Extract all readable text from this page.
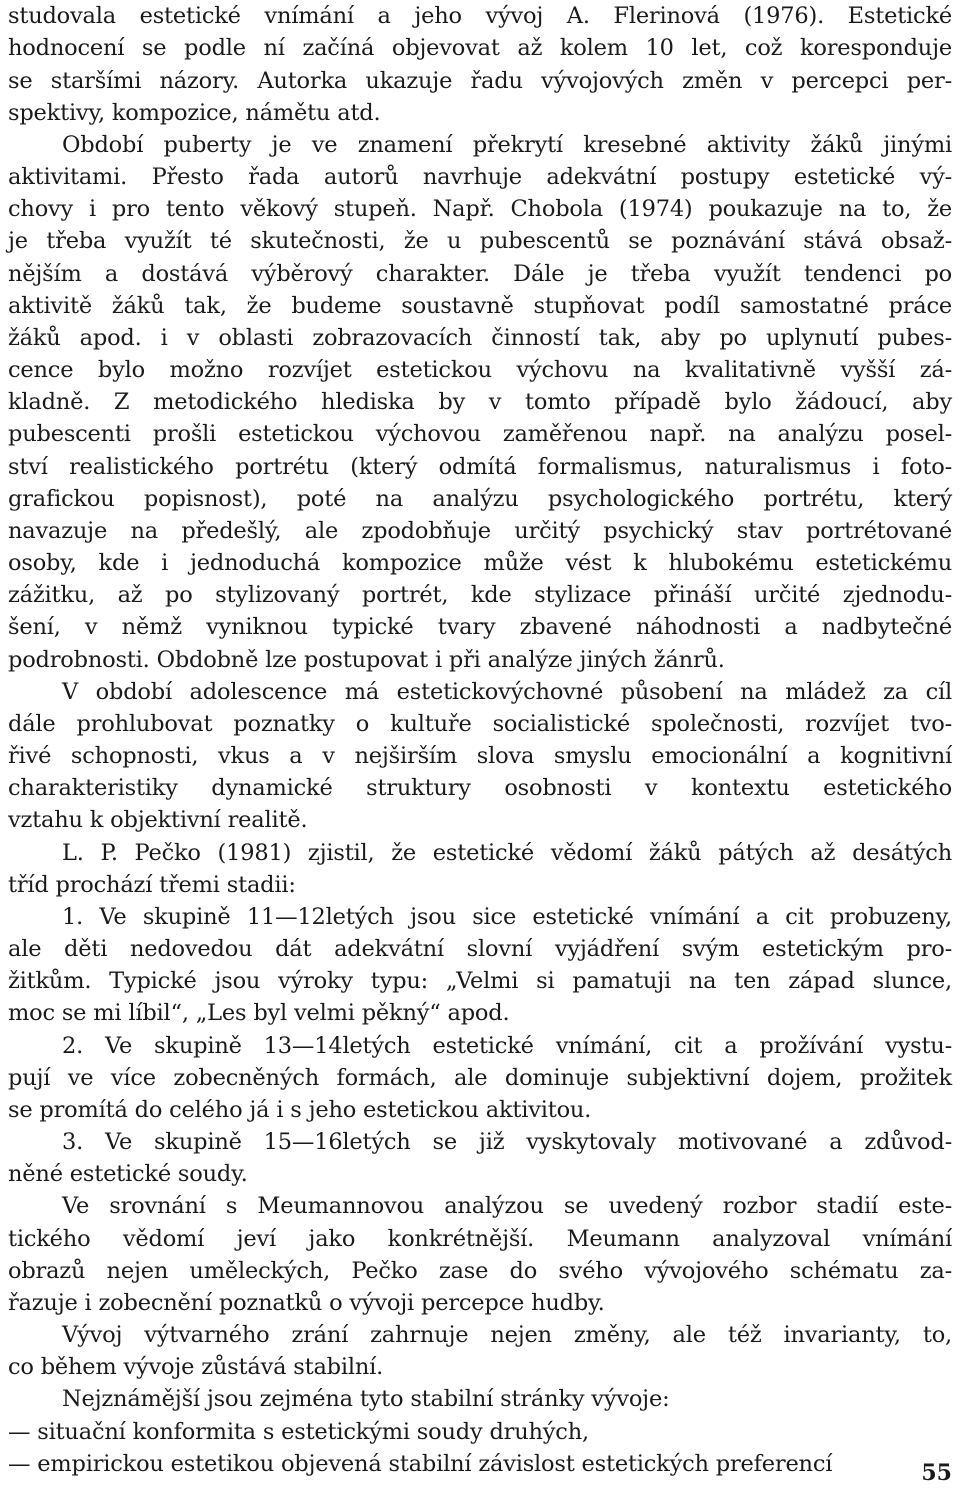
studovala estetické vnímání a jeho vývoj A. Flerinová (1976). Estetické
hodnocení se podle ní začíná objevovat až kolem 10 let, což koresponduje
se staršími názory. Autorka ukazuje řadu vývojových změn v percepci per-
spektivy, kompozice, námětu atd.
Období puberty je ve znamení překrytí kresebné aktivity žáků jinými
aktivitami. Přesto řada autorů navrhuje adekvátní postupy estetické vý-
chovy i pro tento věkový stupeň. Např. Chobola (1974) poukazuje na to, že
je třeba využít té skutečnosti, že u pubescentů se poznávání stává obsaž-
nějším a dostává výběrový charakter. Dále je třeba využít tendenci po
aktivitě žáků tak, že budeme soustavně stupňovat podíl samostatné práce
žáků apod. i v oblasti zobrazovacích činností tak, aby po uplynutí pubes-
cence bylo možno rozvíjet estetickou výchovu na kvalitativně vyšší zá-
kladně. Z metodického hlediska by v tomto případě bylo žádoucí, aby
pubescenti prošli estetickou výchovou zaměřenou např. na analýzu posel-
ství realistického portrétu (který odmítá formalismus, naturalismus i foto-
grafickou popisnost), poté na analýzu psychologického portrétu, který
navazuje na předešlý, ale zpodobňuje určitý psychický stav portrétované
osoby, kde i jednoduchá kompozice může vést k hlubokému estetickému
zážitku, až po stylizovaný portrét, kde stylizace přináší určité zjednodu-
šení, v němž vyniknou typické tvary zbavené náhodnosti a nadbytečné
podrobnosti. Obdobně lze postupovat i při analýze jiných žánrů.
V období adolescence má estetickovýchovné působení na mládež za cíl
dále prohlubovat poznatky o kultuře socialistické společnosti, rozvíjet tvo-
řivé schopnosti, vkus a v nejširším slova smyslu emocionální a kognitivní
charakteristiky dynamické struktury osobnosti v kontextu estetického
vztahu k objektivní realitě.
L. P. Pečko (1981) zjistil, že estetické vědomí žáků pátých až desátých
tříd prochází třemi stadii:
1. Ve skupině 11—12letých jsou sice estetické vnímání a cit probuzeny,
ale děti nedovedou dát adekvátní slovní vyjádření svým estetickým pro-
žitkům. Typické jsou výroky typu: „Velmi si pamatuji na ten západ slunce,
moc se mi líbil“, „Les byl velmi pěkný“ apod.
2. Ve skupině 13—14letých estetické vnímání, cit a prožívání vystu-
pují ve více zobecněných formách, ale dominuje subjektivní dojem, prožitek
se promítá do celého já i s jeho estetickou aktivitou.
3. Ve skupině 15—16letých se již vyskytovaly motivované a zdůvod-
něné estetické soudy.
Ve srovnání s Meumannovou analýzou se uvedený rozbor stadií este-
tického vědomí jeví jako konkrétnější. Meumann analyzoval vnímání
obrazů nejen uměleckých, Pečko zase do svého vývojového schématu za-
řazuje i zobecnění poznatků o vývoji percepce hudby.
Vývoj výtvarného zrání zahrnuje nejen změny, ale též invarianty, to,
co během vývoje zůstává stabilní.
Nejznámější jsou zejména tyto stabilní stránky vývoje:
— situační konformita s estetickými soudy druhých,
— empirickou estetikou objevená stabilní závislost estetických preferencí	55
